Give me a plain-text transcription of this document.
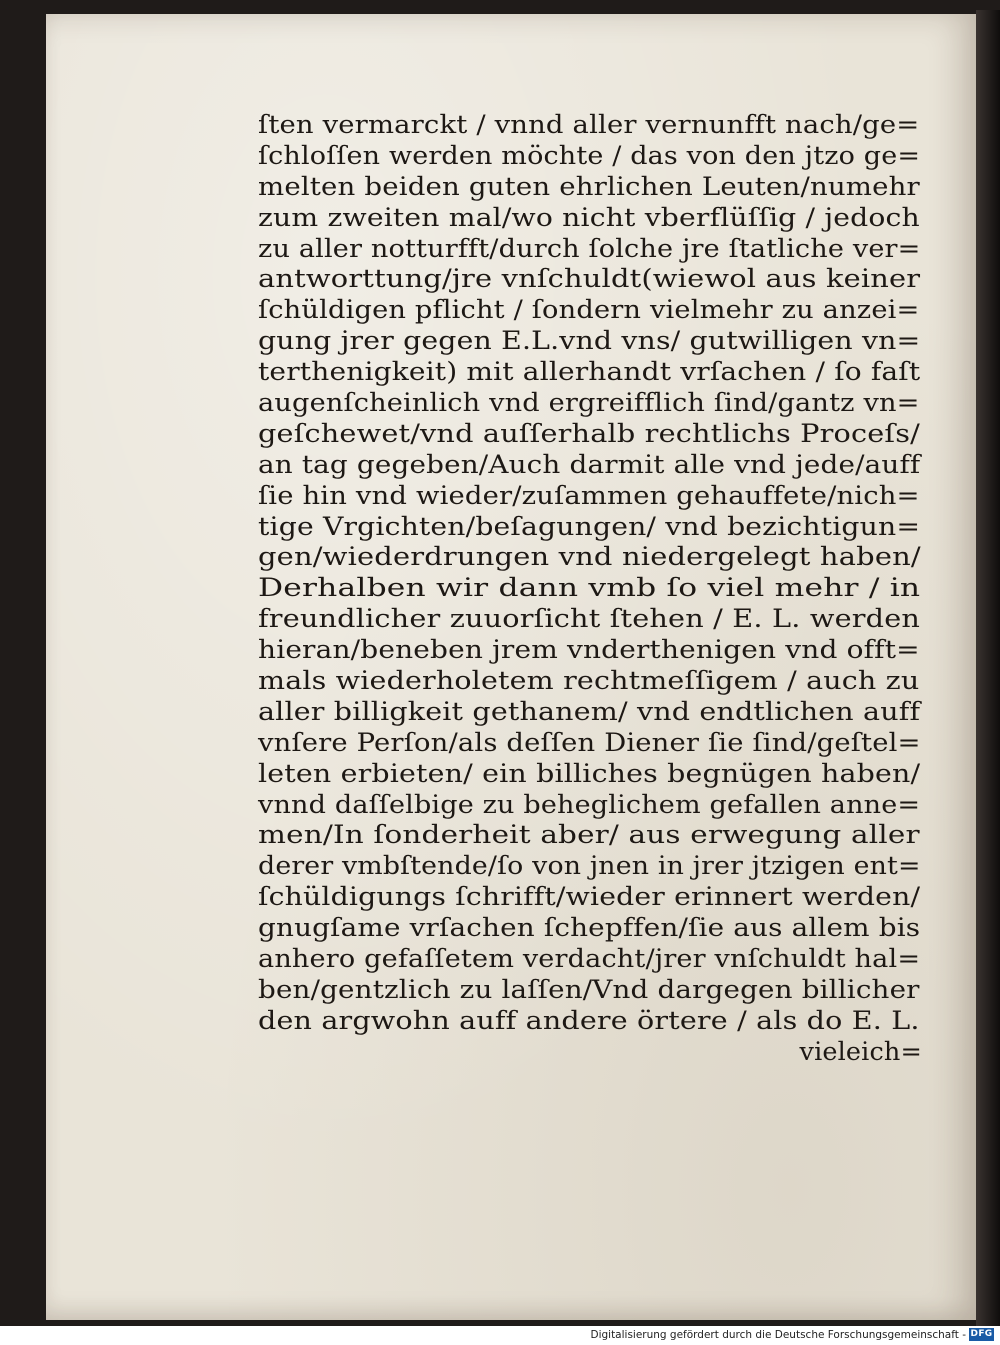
ſten vermarckt / vnnd aller vernunfft nach/ge=
ſchloſſen werden möchte / das von den jtzo ge=
melten beiden guten ehrlichen Leuten/numehr
zum zweiten mal/wo nicht vberflüſſig / jedoch
zu aller notturfft/durch ſolche jre ſtatliche ver=
antworttung/jre vnſchuldt(wiewol aus keiner
ſchüldigen pflicht / ſondern vielmehr zu anzei=
gung jrer gegen E.L.vnd vns/ gutwilligen vn=
terthenigkeit) mit allerhandt vrſachen / ſo faſt
augenſcheinlich vnd ergreifflich ſind/gantz vn=
geſchewet/vnd auſſerhalb rechtlichs Proceſs/
an tag gegeben/Auch darmit alle vnd jede/auff
ſie hin vnd wieder/zuſammen gehauffete/nich=
tige Vrgichten/beſagungen/ vnd bezichtigun=
gen/wiederdrungen vnd niedergelegt haben/
Derhalben wir dann vmb ſo viel mehr / in
freundlicher zuuorſicht ſtehen / E. L. werden
hieran/beneben jrem vnderthenigen vnd offt=
mals wiederholetem rechtmeſſigem / auch zu
aller billigkeit gethanem/ vnd endtlichen auff
vnſere Perſon/als deſſen Diener ſie ſind/geſtel=
leten erbieten/ ein billiches begnügen haben/
vnnd daſſelbige zu beheglichem gefallen anne=
men/In ſonderheit aber/ aus erwegung aller
derer vmbſtende/ſo von jnen in jrer jtzigen ent=
ſchüldigungs ſchrifft/wieder erinnert werden/
gnugſame vrſachen ſchepffen/ſie aus allem bis
anhero gefaſſetem verdacht/jrer vnſchuldt hal=
ben/gentzlich zu laſſen/Vnd dargegen billicher
den argwohn auff andere örtere / als do E. L.
vieleich=
Digitalisierung gefördert durch die Deutsche Forschungsgemeinschaft - DFG
